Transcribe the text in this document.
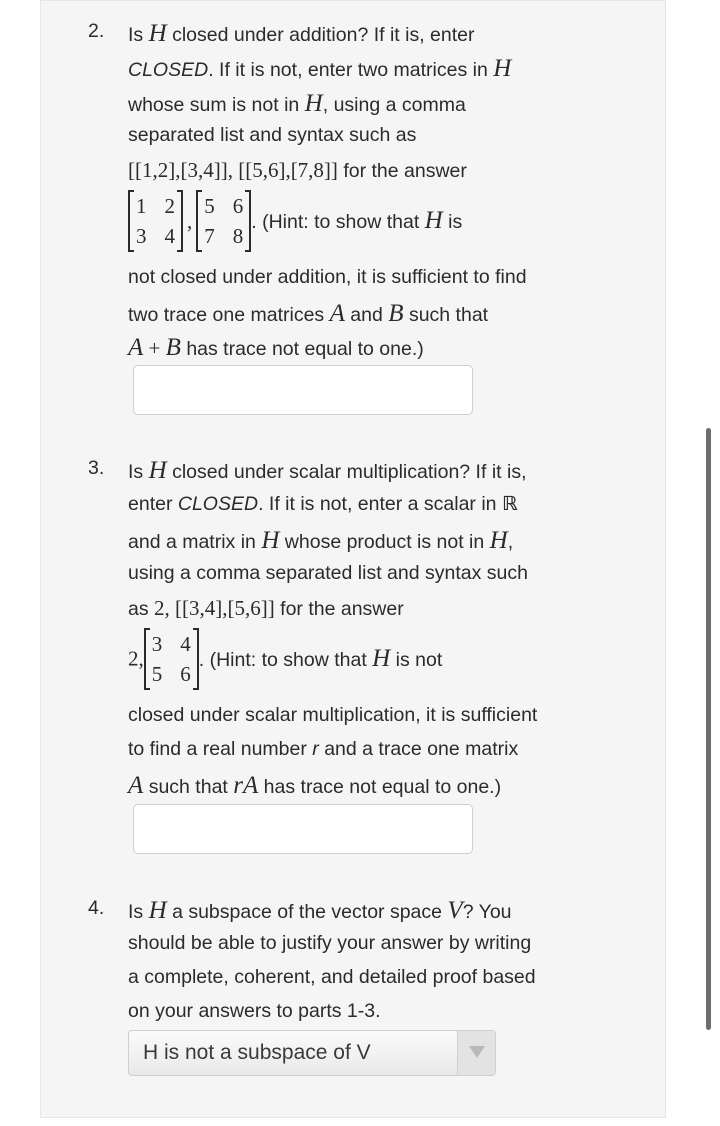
2. Is H closed under addition? If it is, enter
CLOSED. If it is not, enter two matrices in H
whose sum is not in H, using a comma
separated list and syntax such as
[[1,2],[3,4]], [[5,6],[7,8]] for the answer
1 2
3 4
,
5 6
7 8
. (Hint: to show that H is
not closed under addition, it is sufficient to find
two trace one matrices A and B such that
A + B has trace not equal to one.)
3. Is H closed under scalar multiplication? If it is,
enter CLOSED. If it is not, enter a scalar in ℝ
and a matrix in H whose product is not in H,
using a comma separated list and syntax such
as 2, [[3,4],[5,6]] for the answer
2,
3 4
5 6
. (Hint: to show that H is not
closed under scalar multiplication, it is sufficient
to find a real number r and a trace one matrix
A such that rA has trace not equal to one.)
4. Is H a subspace of the vector space V? You
should be able to justify your answer by writing
a complete, coherent, and detailed proof based
on your answers to parts 1-3.
H is not a subspace of V
